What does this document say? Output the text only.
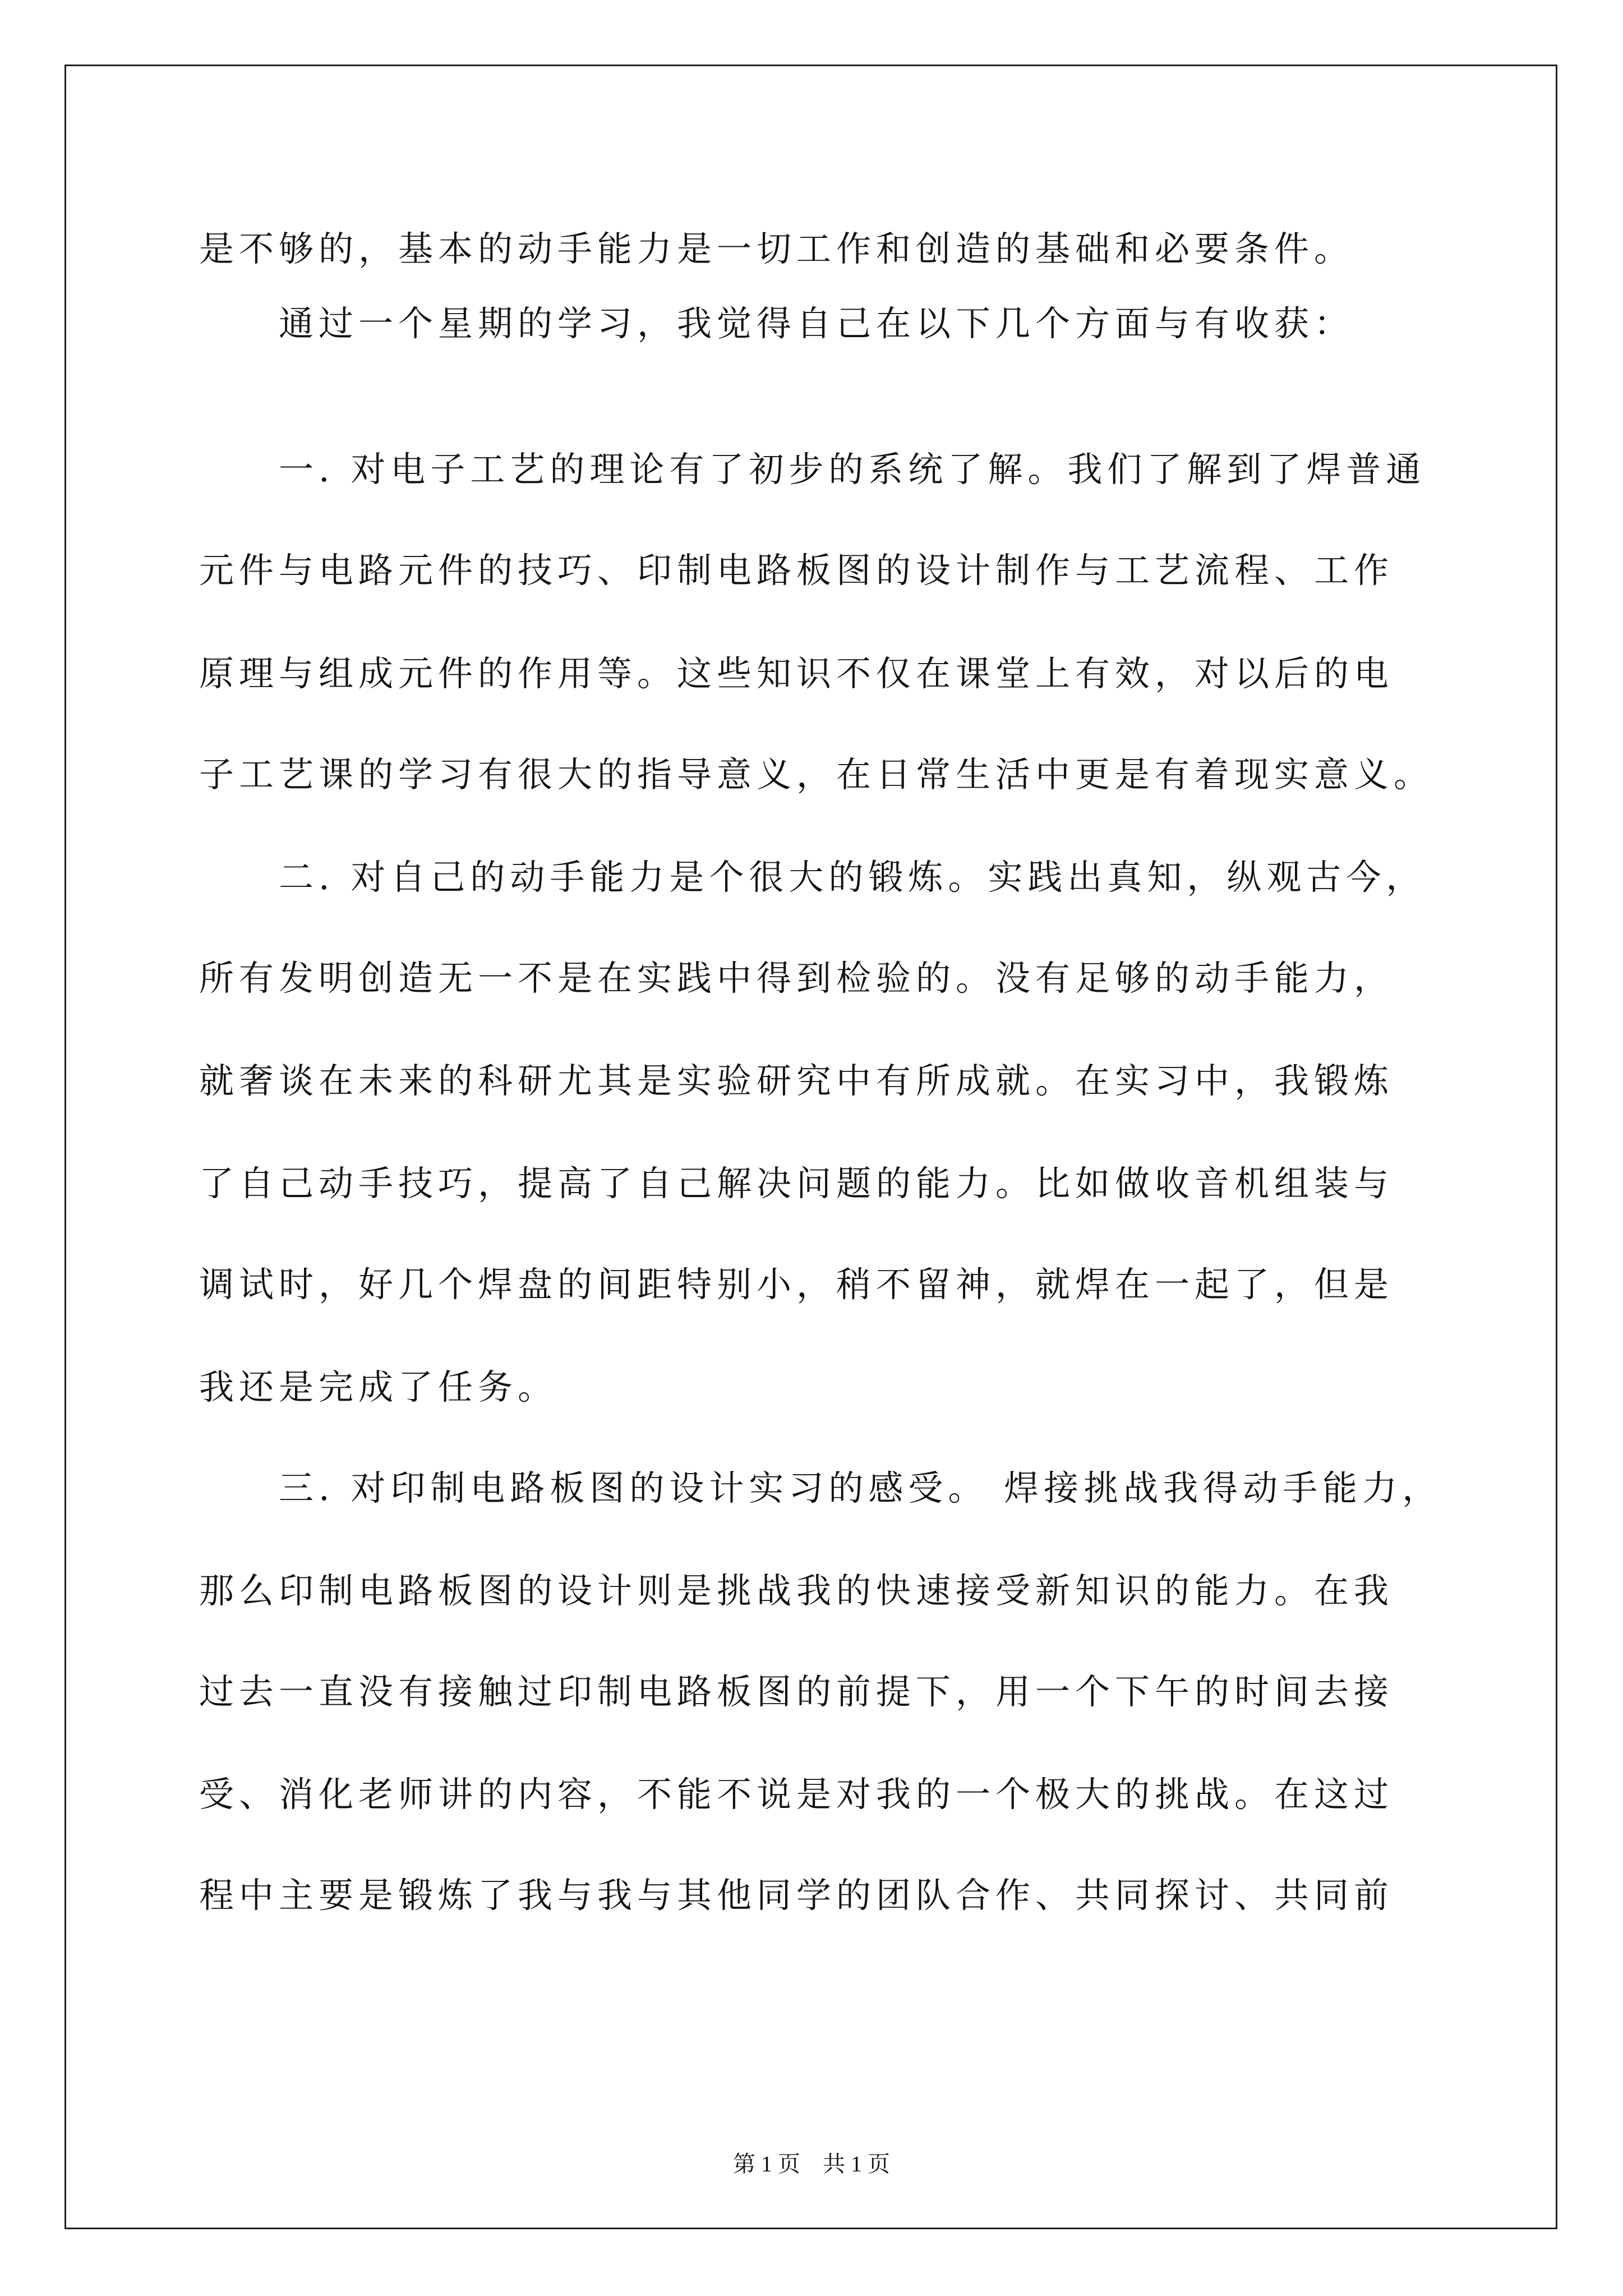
是不够的，基本的动手能力是一切工作和创造的基础和必要条件。
　　通过一个星期的学习，我觉得自己在以下几个方面与有收获：
　　一. 对电子工艺的理论有了初步的系统了解。我们了解到了焊普通
元件与电路元件的技巧、印制电路板图的设计制作与工艺流程、工作
原理与组成元件的作用等。这些知识不仅在课堂上有效，对以后的电
子工艺课的学习有很大的指导意义，在日常生活中更是有着现实意义。
　　二. 对自己的动手能力是个很大的锻炼。实践出真知，纵观古今，
所有发明创造无一不是在实践中得到检验的。没有足够的动手能力，
就奢谈在未来的科研尤其是实验研究中有所成就。在实习中，我锻炼
了自己动手技巧，提高了自己解决问题的能力。比如做收音机组装与
调试时，好几个焊盘的间距特别小，稍不留神，就焊在一起了，但是
我还是完成了任务。
　　三. 对印制电路板图的设计实习的感受。 焊接挑战我得动手能力，
那么印制电路板图的设计则是挑战我的快速接受新知识的能力。在我
过去一直没有接触过印制电路板图的前提下，用一个下午的时间去接
受、消化老师讲的内容，不能不说是对我的一个极大的挑战。在这过
程中主要是锻炼了我与我与其他同学的团队合作、共同探讨、共同前
第 1 页　共 1 页
